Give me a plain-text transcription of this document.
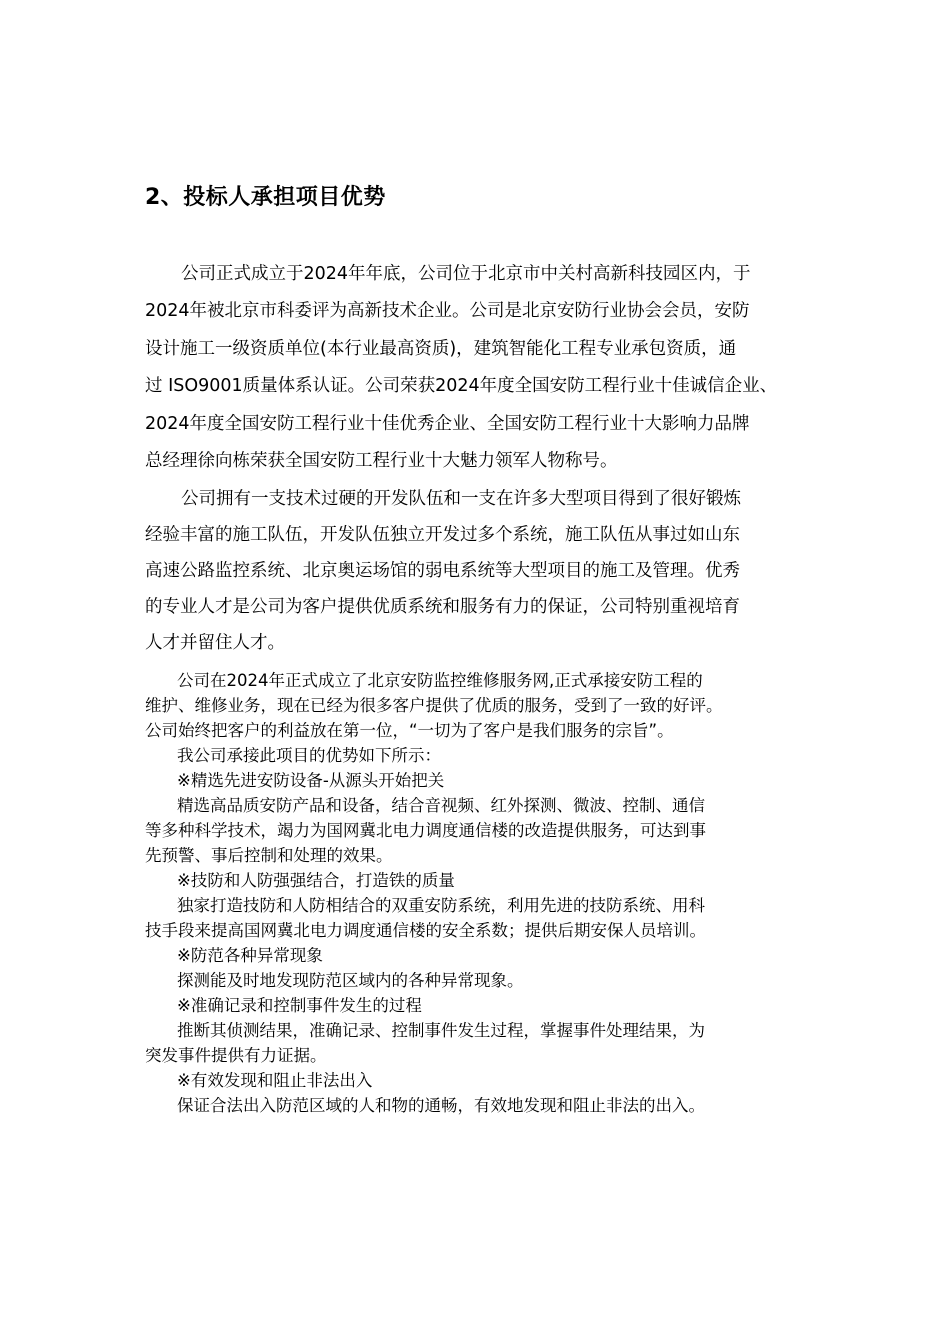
2、投标人承担项目优势
公司正式成立于2024年年底，公司位于北京市中关村高新科技园区内，于
2024年被北京市科委评为高新技术企业。公司是北京安防行业协会会员，安防
设计施工一级资质单位(本行业最高资质)，建筑智能化工程专业承包资质，通
过 ISO9001质量体系认证。公司荣获2024年度全国安防工程行业十佳诚信企业、
2024年度全国安防工程行业十佳优秀企业、全国安防工程行业十大影响力品牌
总经理徐向栋荣获全国安防工程行业十大魅力领军人物称号。
公司拥有一支技术过硬的开发队伍和一支在许多大型项目得到了很好锻炼
经验丰富的施工队伍，开发队伍独立开发过多个系统，施工队伍从事过如山东
高速公路监控系统、北京奥运场馆的弱电系统等大型项目的施工及管理。优秀
的专业人才是公司为客户提供优质系统和服务有力的保证，公司特别重视培育
人才并留住人才。
公司在2024年正式成立了北京安防监控维修服务网,正式承接安防工程的
维护、维修业务，现在已经为很多客户提供了优质的服务，受到了一致的好评。
公司始终把客户的利益放在第一位，“一切为了客户是我们服务的宗旨”。
我公司承接此项目的优势如下所示：
※精选先进安防设备-从源头开始把关
精选高品质安防产品和设备，结合音视频、红外探测、微波、控制、通信
等多种科学技术，竭力为国网冀北电力调度通信楼的改造提供服务，可达到事
先预警、事后控制和处理的效果。
※技防和人防强强结合，打造铁的质量
独家打造技防和人防相结合的双重安防系统，利用先进的技防系统、用科
技手段来提高国网冀北电力调度通信楼的安全系数；提供后期安保人员培训。
※防范各种异常现象
探测能及时地发现防范区域内的各种异常现象。
※准确记录和控制事件发生的过程
推断其侦测结果，准确记录、控制事件发生过程，掌握事件处理结果，为
突发事件提供有力证据。
※有效发现和阻止非法出入
保证合法出入防范区域的人和物的通畅，有效地发现和阻止非法的出入。
